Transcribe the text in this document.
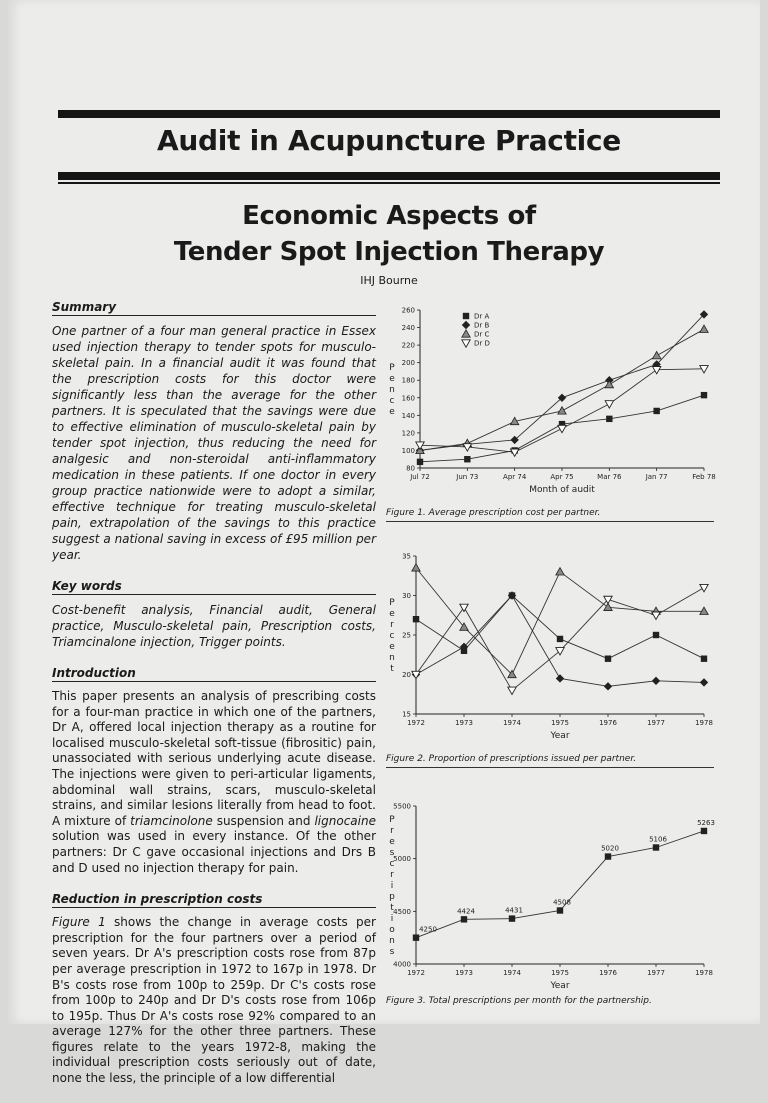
Audit in Acupuncture Practice
Economic Aspects of
Tender Spot Injection Therapy
IHJ Bourne
Summary
One partner of a four man general practice in Essex used injection therapy to tender spots for musculo-skeletal pain. In a financial audit it was found that the prescription costs for this doctor were significantly less than the average for the other partners. It is speculated that the savings were due to effective elimination of musculo-skeletal pain by tender spot injection, thus reducing the need for analgesic and non-steroidal anti-inflammatory medication in these patients. If one doctor in every group practice nationwide were to adopt a similar, effective technique for treating musculo-skeletal pain, extrapolation of the savings to this practice suggest a national saving in excess of £95 million per year.
Key words
Cost-benefit analysis, Financial audit, General practice, Musculo-skeletal pain, Prescription costs, Triamcinalone injection, Trigger points.
Introduction
This paper presents an analysis of prescribing costs for a four-man practice in which one of the partners, Dr A, offered local injection therapy as a routine for localised musculo-skeletal soft-tissue (fibrositic) pain, unassociated with serious underlying acute disease. The injections were given to peri-articular ligaments, abdominal wall strains, scars, musculo-skeletal strains, and similar lesions literally from head to foot. A mixture of triamcinolone suspension and lignocaine solution was used in every instance. Of the other partners: Dr C gave occasional injections and Drs B and D used no injection therapy for pain.
Reduction in prescription costs
Figure 1 shows the change in average costs per prescription for the four partners over a period of seven years. Dr A's prescription costs rose from 87p per average prescription in 1972 to 167p in 1978. Dr B's costs rose from 100p to 259p. Dr C's costs rose from 100p to 240p and Dr D's costs rose from 106p to 195p. Thus Dr A's costs rose 92% compared to an average 127% for the other three partners. These figures relate to the years 1972-8, making the individual prescription costs seriously out of date, none the less, the principle of a low differential
80
100
120
140
160
180
200
220
240
260
Jul 72	Jun 73	Apr 74	Apr 75	Mar 76	Jan 77	Feb 78
Month of audit
P
e
n
c
e
Dr A
Dr B
Dr C
Dr D
Figure 1. Average prescription cost per partner.
15
20
25
30
35
1972	1973	1974	1975	1976	1977	1978
Year
P
e
r
c
e
n
t
Figure 2. Proportion of prescriptions issued per partner.
4000
4500
5000
5500
1972	1973	1974	1975	1976	1977	1978
Year
P
r
e
s
c
r
i
p
t
i
o
n
s
4250
4424	4431
4508
5020
5106
5263
Figure 3. Total prescriptions per month for the partnership.
